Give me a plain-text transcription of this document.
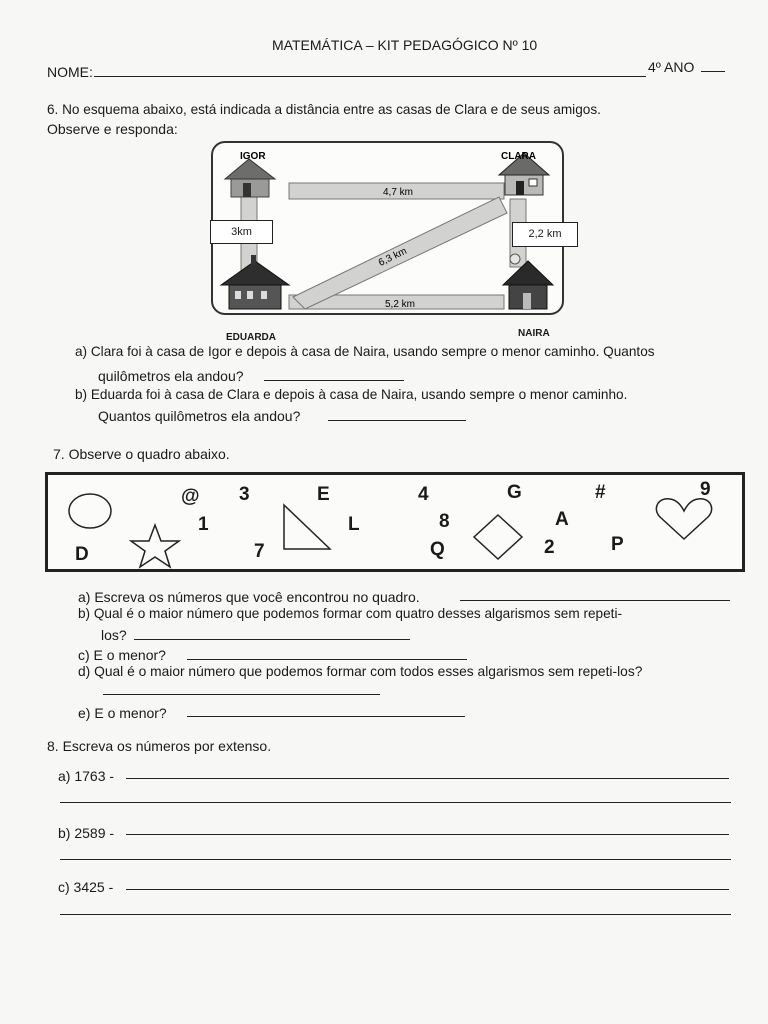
MATEMÁTICA – KIT PEDAGÓGICO Nº 10
NOME:	4º ANO
6. No esquema abaixo, está indicada a distância entre as casas de Clara e de seus amigos.
Observe e responda:
4,7 km
5,2 km
6,3 km
IGOR	CLARA
3km	2,2 km
EDUARDA	NAIRA
a) Clara foi à casa de Igor e depois à casa de Naira, usando sempre o menor caminho. Quantos
quilômetros ela andou?
b) Eduarda foi à casa de Clara e depois à casa de Naira, usando sempre o menor caminho.
Quantos quilômetros ela andou?
7. Observe o quadro abaixo.
@ 3	E	4	G	#	9
1	L	8	A
D	7	Q	2	P
a) Escreva os números que você encontrou no quadro.
b) Qual é o maior número que podemos formar com quatro desses algarismos sem repeti-
los?
c) E o menor?
d) Qual é o maior número que podemos formar com todos esses algarismos sem repeti-los?
e) E o menor?
8. Escreva os números por extenso.
a) 1763 -
b) 2589 -
c) 3425 -
